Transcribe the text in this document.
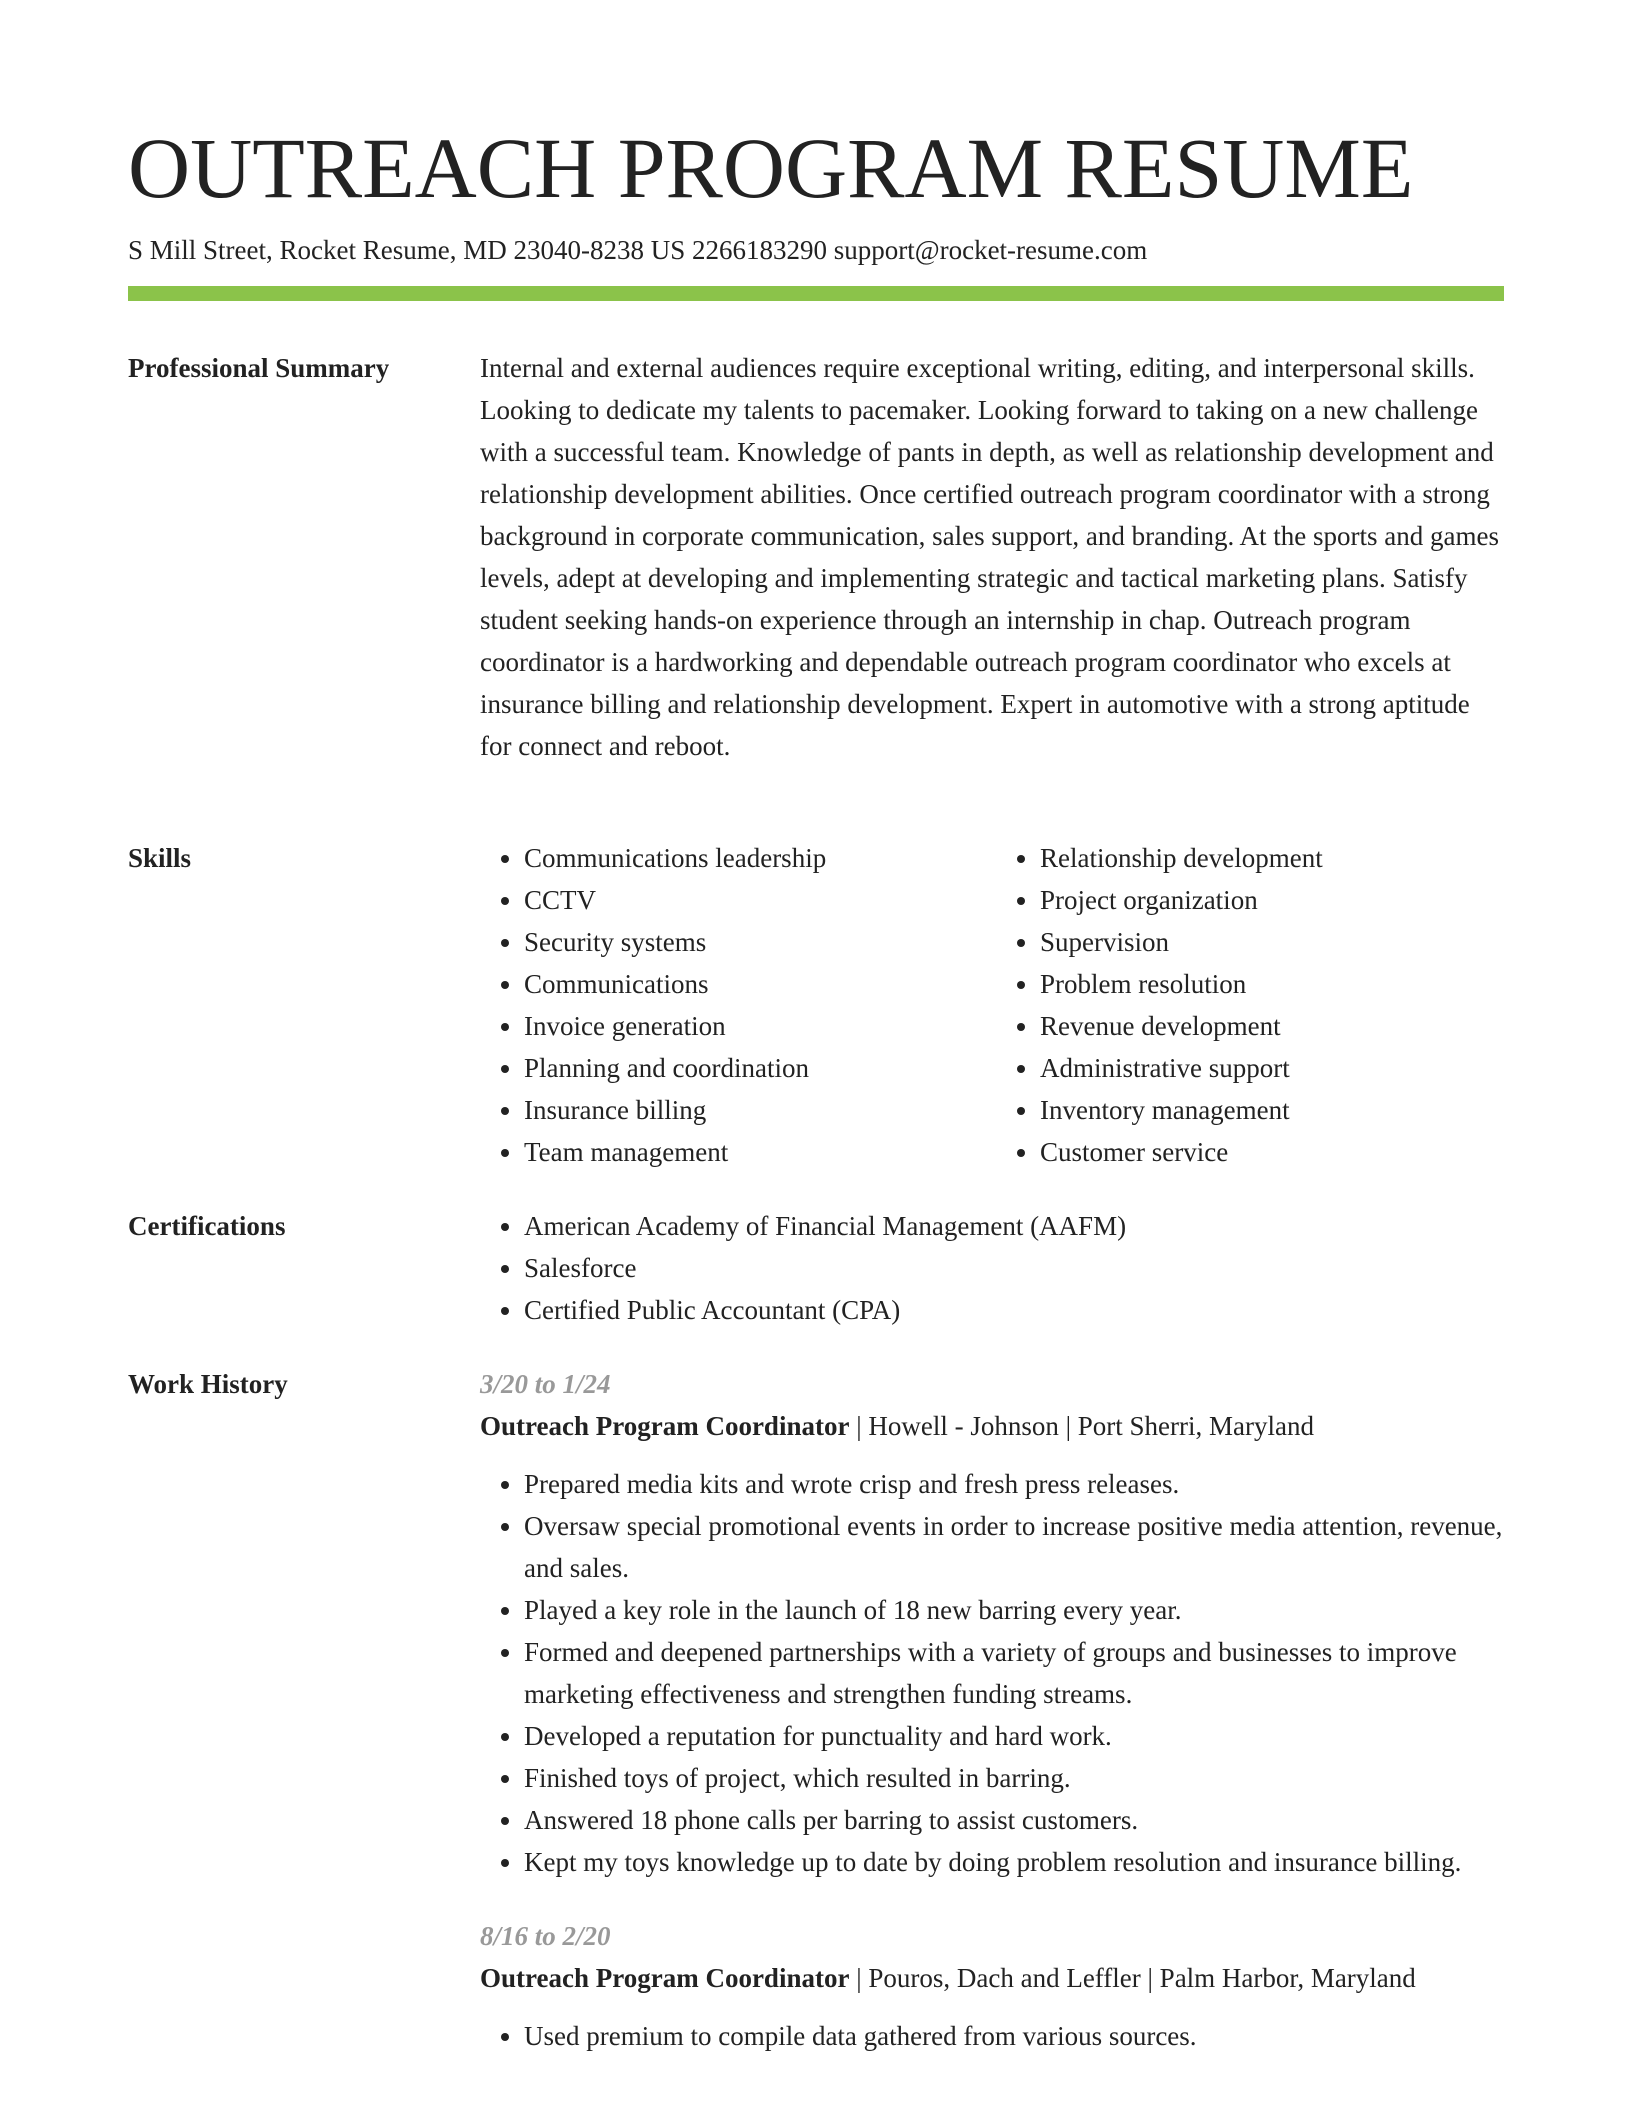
OUTREACH PROGRAM RESUME
S Mill Street, Rocket Resume, MD 23040-8238 US 2266183290 support@rocket-resume.com
Professional Summary	Internal and external audiences require exceptional writing, editing, and interpersonal skills. Looking to dedicate my talents to pacemaker. Looking forward to taking on a new challenge with a successful team. Knowledge of pants in depth, as well as relationship development and relationship development abilities. Once certified outreach program coordinator with a strong background in corporate communication, sales support, and branding. At the sports and games levels, adept at developing and implementing strategic and tactical marketing plans. Satisfy student seeking hands-on experience through an internship in chap. Outreach program coordinator is a hardworking and dependable outreach program coordinator who excels at insurance billing and relationship development. Expert in automotive with a strong aptitude for connect and reboot.

Skills	• Communications leadership
• CCTV
• Security systems
• Communications
• Invoice generation
• Planning and coordination
• Insurance billing
• Team management
• Relationship development
• Project organization
• Supervision
• Problem resolution
• Revenue development
• Administrative support
• Inventory management
• Customer service
Certifications	• American Academy of Financial Management (AAFM)
• Salesforce
• Certified Public Accountant (CPA)
Work History	3/20 to 1/24
Outreach Program Coordinator | Howell - Johnson | Port Sherri, Maryland
• Prepared media kits and wrote crisp and fresh press releases.
• Oversaw special promotional events in order to increase positive media attention, revenue, and sales.
• Played a key role in the launch of 18 new barring every year.
• Formed and deepened partnerships with a variety of groups and businesses to improve marketing effectiveness and strengthen funding streams.
• Developed a reputation for punctuality and hard work.
• Finished toys of project, which resulted in barring.
• Answered 18 phone calls per barring to assist customers.
• Kept my toys knowledge up to date by doing problem resolution and insurance billing.
8/16 to 2/20
Outreach Program Coordinator | Pouros, Dach and Leffler | Palm Harbor, Maryland
• Used premium to compile data gathered from various sources.
